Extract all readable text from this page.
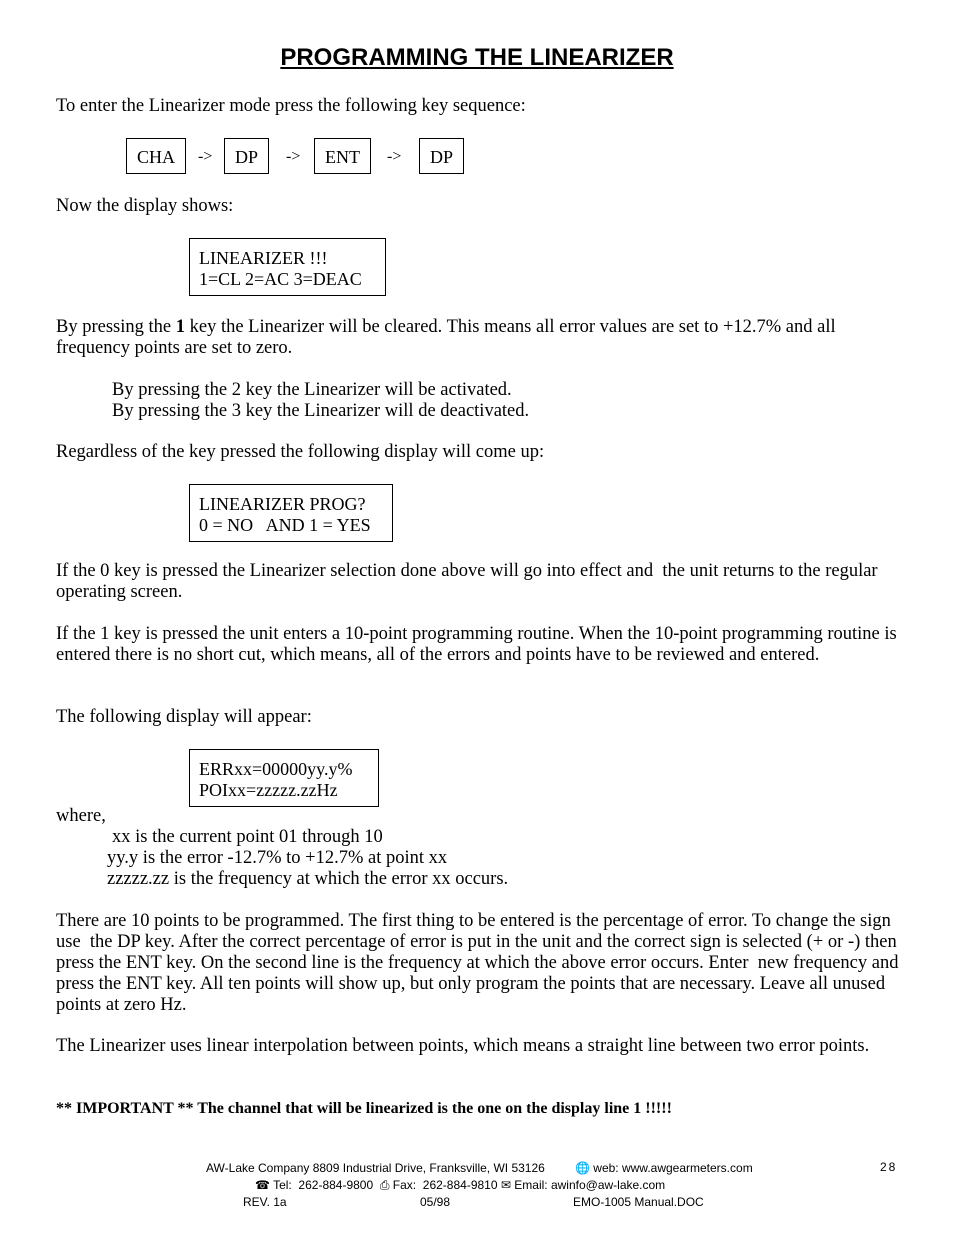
PROGRAMMING THE LINEARIZER
To enter the Linearizer mode press the following key sequence:
CHA	->	DP	->	ENT	->	DP
Now the display shows:
LINEARIZER !!!
1=CL 2=AC 3=DEAC
By pressing the 1 key the Linearizer will be cleared. This means all error values are set to +12.7% and all frequency points are set to zero.
By pressing the 2 key the Linearizer will be activated.
By pressing the 3 key the Linearizer will de deactivated.
Regardless of the key pressed the following display will come up:
LINEARIZER PROG?
0 = NO   AND 1 = YES
If the 0 key is pressed the Linearizer selection done above will go into effect and  the unit returns to the regular operating screen.
If the 1 key is pressed the unit enters a 10-point programming routine. When the 10-point programming routine is entered there is no short cut, which means, all of the errors and points have to be reviewed and entered.
The following display will appear:
ERRxx=00000yy.y%
POIxx=zzzzz.zzHz
where,
xx is the current point 01 through 10
yy.y is the error -12.7% to +12.7% at point xx
zzzzz.zz is the frequency at which the error xx occurs.
There are 10 points to be programmed. The first thing to be entered is the percentage of error. To change the sign use  the DP key. After the correct percentage of error is put in the unit and the correct sign is selected (+ or -) then press the ENT key. On the second line is the frequency at which the above error occurs. Enter  new frequency and press the ENT key. All ten points will show up, but only program the points that are necessary. Leave all unused points at zero Hz.
The Linearizer uses linear interpolation between points, which means a straight line between two error points.
** IMPORTANT ** The channel that will be linearized is the one on the display line 1 !!!!!
AW-Lake Company 8809 Industrial Drive, Franksville, WI 53126	🌐 web: www.awgearmeters.com	28
☎ Tel:  262-884-9800 ⎙ Fax:  262-884-9810 ✉ Email: awinfo@aw-lake.com
REV. 1a	05/98	EMO-1005 Manual.DOC
